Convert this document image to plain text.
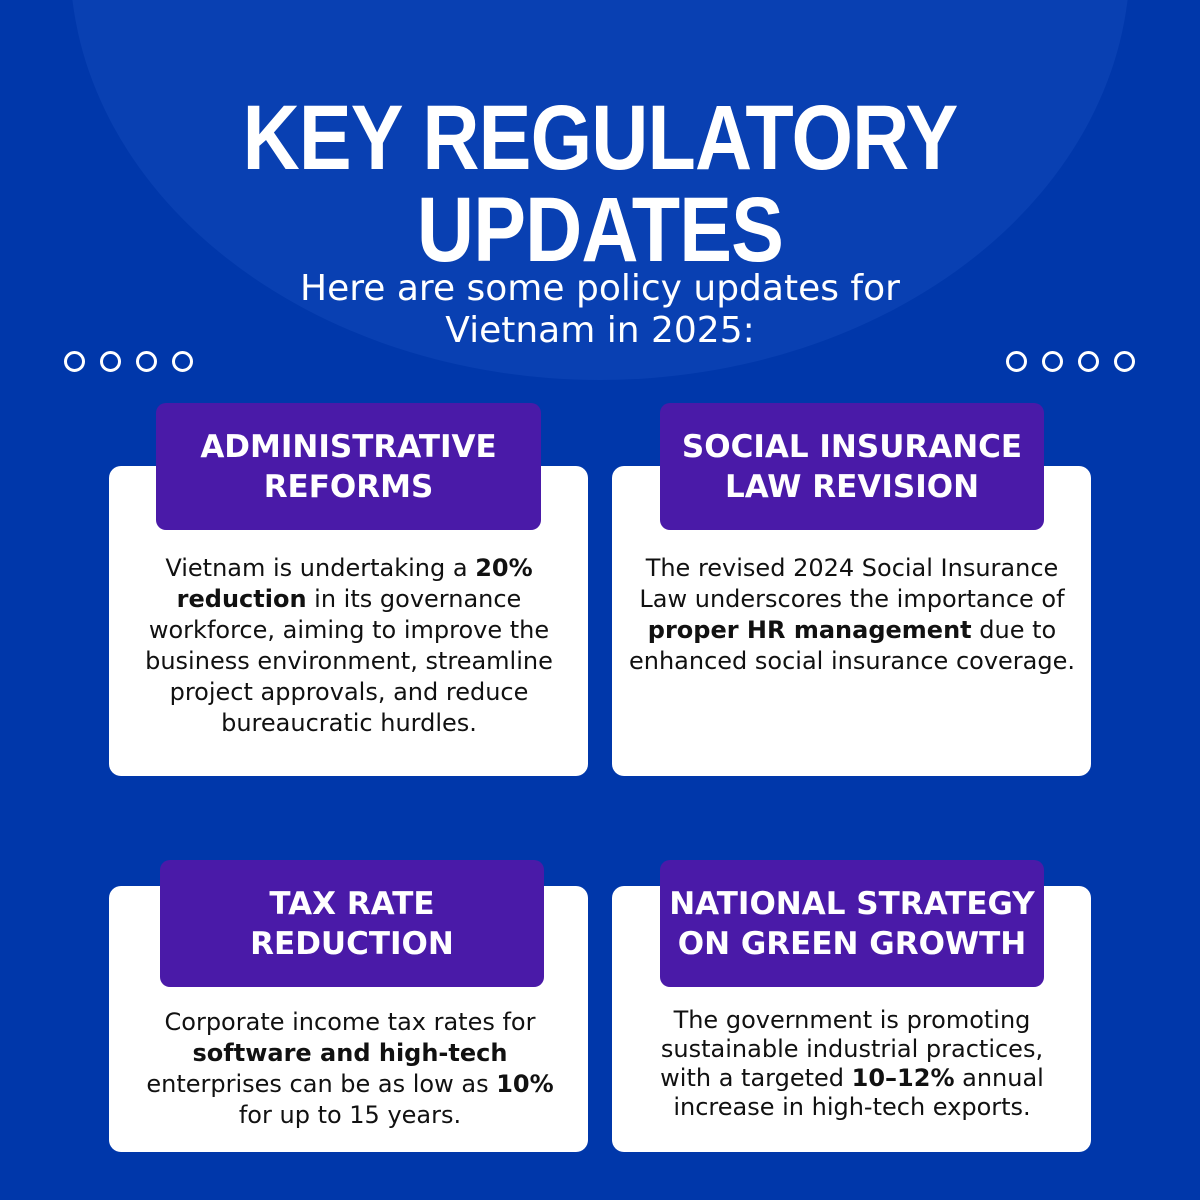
KEY REGULATORY UPDATES
Here are some policy updates for
Vietnam in 2025:
ADMINISTRATIVE
REFORMS
Vietnam is undertaking a 20% reduction in its governance workforce, aiming to improve the business environment, streamline project approvals, and reduce bureaucratic hurdles.
SOCIAL INSURANCE
LAW REVISION
The revised 2024 Social Insurance Law underscores the importance of proper HR management due to enhanced social insurance coverage.
TAX RATE
REDUCTION
Corporate income tax rates for software and high-tech enterprises can be as low as 10% for up to 15 years.
NATIONAL STRATEGY
ON GREEN GROWTH
The government is promoting sustainable industrial practices, with a targeted 10–12% annual increase in high-tech exports.
